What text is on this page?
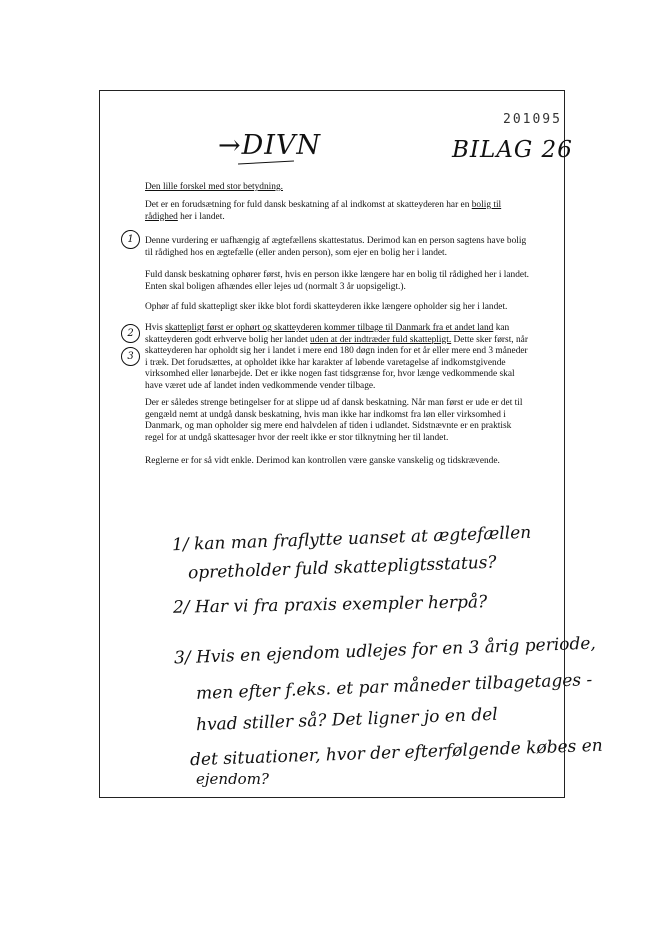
201095
→DIVN	BILAG 26
Den lille forskel med stor betydning.

Det er en forudsætning for fuld dansk beskatning af al indkomst at skatteyderen har en bolig til rådighed her i landet.

Denne vurdering er uafhængig af ægtefællens skattestatus. Derimod kan en person sagtens have bolig til rådighed hos en ægtefælle (eller anden person), som ejer en bolig her i landet.

Fuld dansk beskatning ophører først, hvis en person ikke længere har en bolig til rådighed her i landet. Enten skal boligen afhændes eller lejes ud (normalt 3 år uopsigeligt.).

Ophør af fuld skattepligt sker ikke blot fordi skatteyderen ikke længere opholder sig her i landet.

Hvis skattepligt først er ophørt og skatteyderen kommer tilbage til Danmark fra et andet land kan skatteyderen godt erhverve bolig her landet uden at der indtræder fuld skattepligt. Dette sker først, når skatteyderen har opholdt sig her i landet i mere end 180 døgn inden for et år eller mere end 3 måneder i træk. Det forudsættes, at opholdet ikke har karakter af løbende varetagelse af indkomstgivende virksomhed eller lønarbejde. Det er ikke nogen fast tidsgrænse for, hvor længe vedkommende skal have været ude af landet inden vedkommende vender tilbage.

Der er således strenge betingelser for at slippe ud af dansk beskatning. Når man først er ude er det til gengæld nemt at undgå dansk beskatning, hvis man ikke har indkomst fra løn eller virksomhed i Danmark, og man opholder sig mere end halvdelen af tiden i udlandet. Sidstnævnte er en praktisk regel for at undgå skattesager hvor der reelt ikke er stor tilknytning her til landet.

Reglerne er for så vidt enkle. Derimod kan kontrollen være ganske vanskelig og tidskrævende.

1
2
3
1/ kan man fraflytte uanset at ægtefællen
opretholder fuld skattepligtsstatus?
2/ Har vi fra praxis exempler herpå?
3/ Hvis en ejendom udlejes for en 3 årig periode,
men efter f.eks. et par måneder tilbagetages -
hvad stiller så? Det ligner jo en del
det situationer, hvor der efterfølgende købes en
ejendom?
